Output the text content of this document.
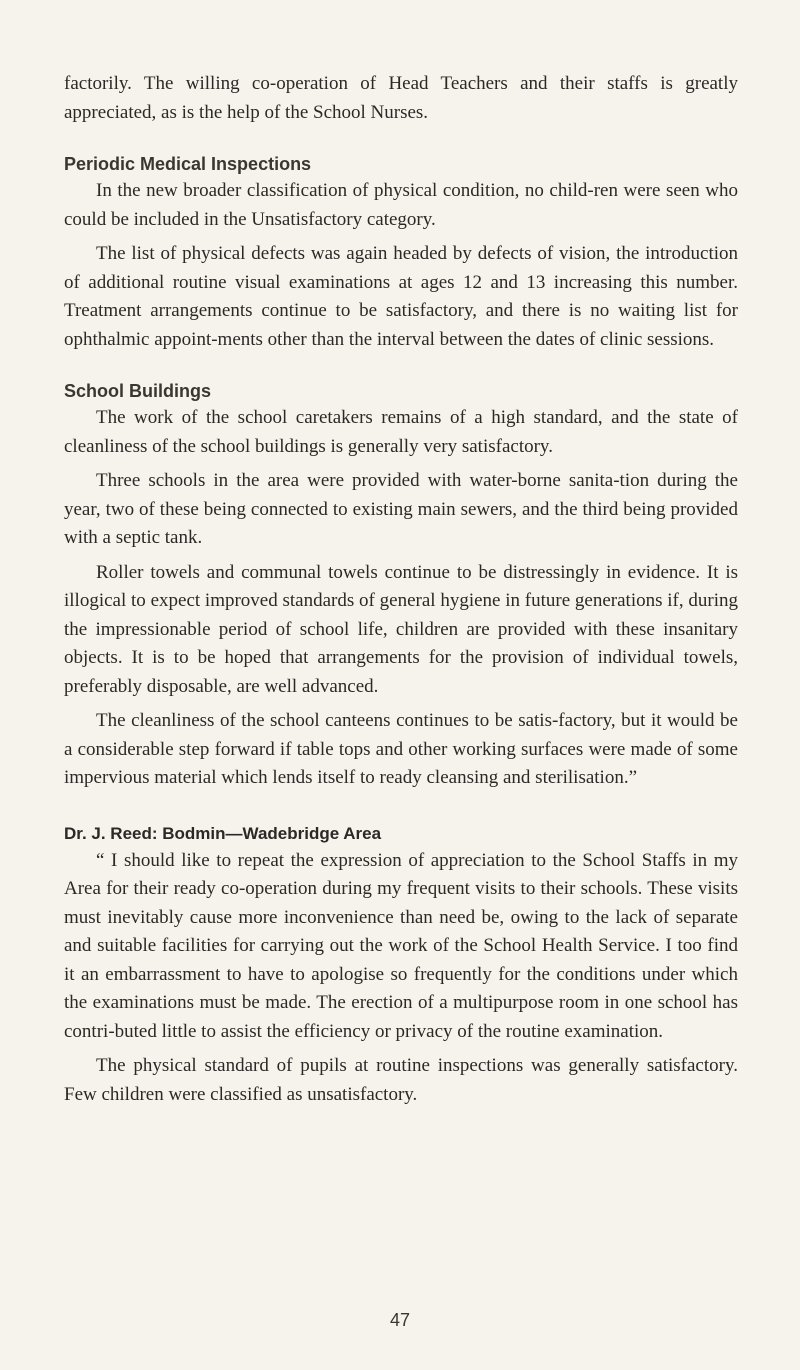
factorily. The willing co-operation of Head Teachers and their staffs is greatly appreciated, as is the help of the School Nurses.

Periodic Medical Inspections

In the new broader classification of physical condition, no child-ren were seen who could be included in the Unsatisfactory category.

The list of physical defects was again headed by defects of vision, the introduction of additional routine visual examinations at ages 12 and 13 increasing this number. Treatment arrangements continue to be satisfactory, and there is no waiting list for ophthalmic appoint-ments other than the interval between the dates of clinic sessions.

School Buildings

The work of the school caretakers remains of a high standard, and the state of cleanliness of the school buildings is generally very satisfactory.

Three schools in the area were provided with water-borne sanita-tion during the year, two of these being connected to existing main sewers, and the third being provided with a septic tank.

Roller towels and communal towels continue to be distressingly in evidence. It is illogical to expect improved standards of general hygiene in future generations if, during the impressionable period of school life, children are provided with these insanitary objects. It is to be hoped that arrangements for the provision of individual towels, preferably disposable, are well advanced.

The cleanliness of the school canteens continues to be satis-factory, but it would be a considerable step forward if table tops and other working surfaces were made of some impervious material which lends itself to ready cleansing and sterilisation.”

Dr. J. Reed: Bodmin—Wadebridge Area

“ I should like to repeat the expression of appreciation to the School Staffs in my Area for their ready co-operation during my frequent visits to their schools. These visits must inevitably cause more inconvenience than need be, owing to the lack of separate and suitable facilities for carrying out the work of the School Health Service. I too find it an embarrassment to have to apologise so frequently for the conditions under which the examinations must be made. The erection of a multipurpose room in one school has contri-buted little to assist the efficiency or privacy of the routine examination.

The physical standard of pupils at routine inspections was generally satisfactory. Few children were classified as unsatisfactory.

47
